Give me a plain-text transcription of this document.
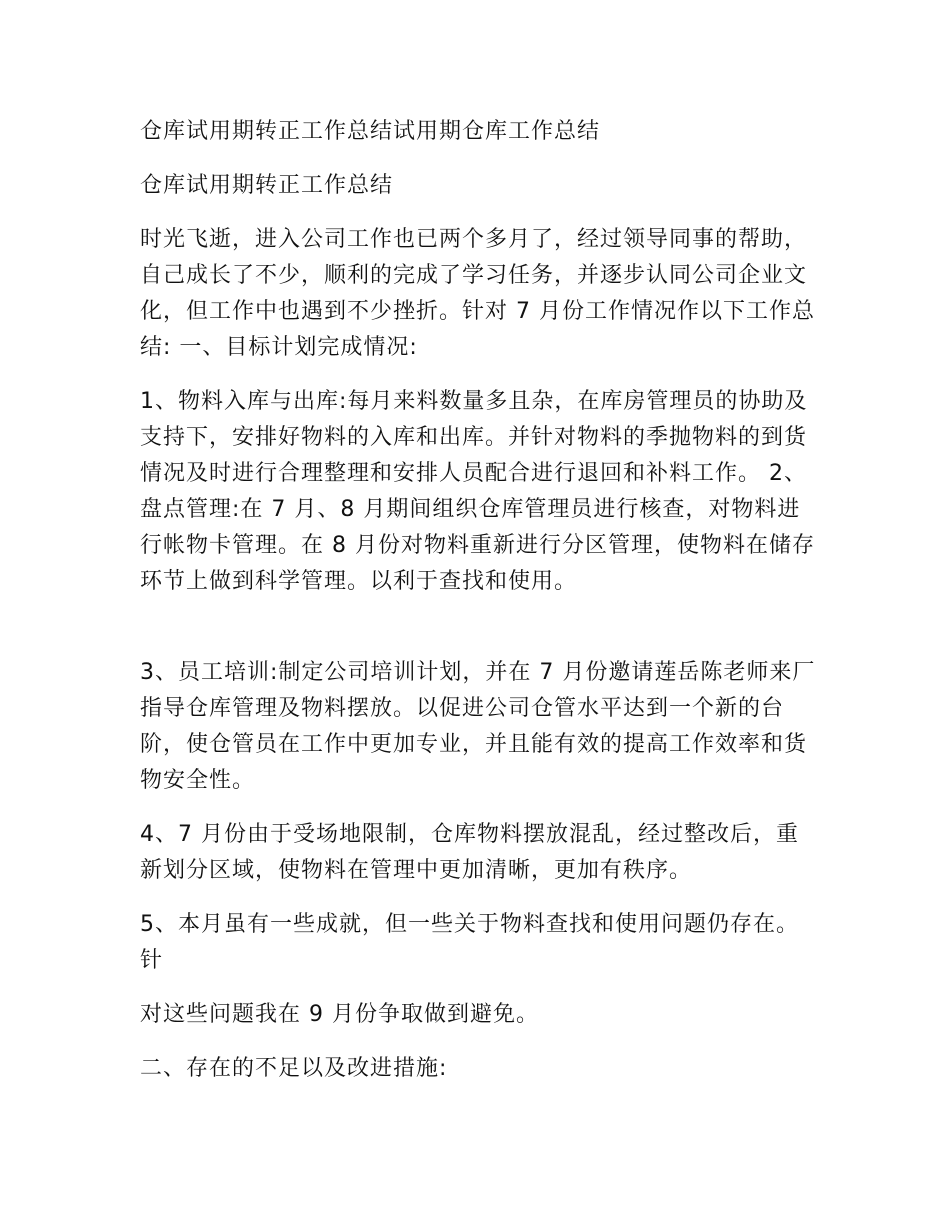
仓库试用期转正工作总结试用期仓库工作总结

仓库试用期转正工作总结

时光飞逝，进入公司工作也已两个多月了，经过领导同事的帮助，自己成长了不少，顺利的完成了学习任务，并逐步认同公司企业文化，但工作中也遇到不少挫折。针对 7 月份工作情况作以下工作总结: 一、目标计划完成情况:

1、物料入库与出库:每月来料数量多且杂，在库房管理员的协助及支持下，安排好物料的入库和出库。并针对物料的季抛物料的到货情况及时进行合理整理和安排人员配合进行退回和补料工作。 2、盘点管理:在 7 月、8 月期间组织仓库管理员进行核查，对物料进行帐物卡管理。在 8 月份对物料重新进行分区管理，使物料在储存环节上做到科学管理。以利于查找和使用。

3、员工培训:制定公司培训计划，并在 7 月份邀请莲岳陈老师来厂指导仓库管理及物料摆放。以促进公司仓管水平达到一个新的台阶，使仓管员在工作中更加专业，并且能有效的提高工作效率和货物安全性。

4、7 月份由于受场地限制，仓库物料摆放混乱，经过整改后，重新划分区域，使物料在管理中更加清晰，更加有秩序。

5、本月虽有一些成就，但一些关于物料查找和使用问题仍存在。针

对这些问题我在 9 月份争取做到避免。

二、存在的不足以及改进措施:
